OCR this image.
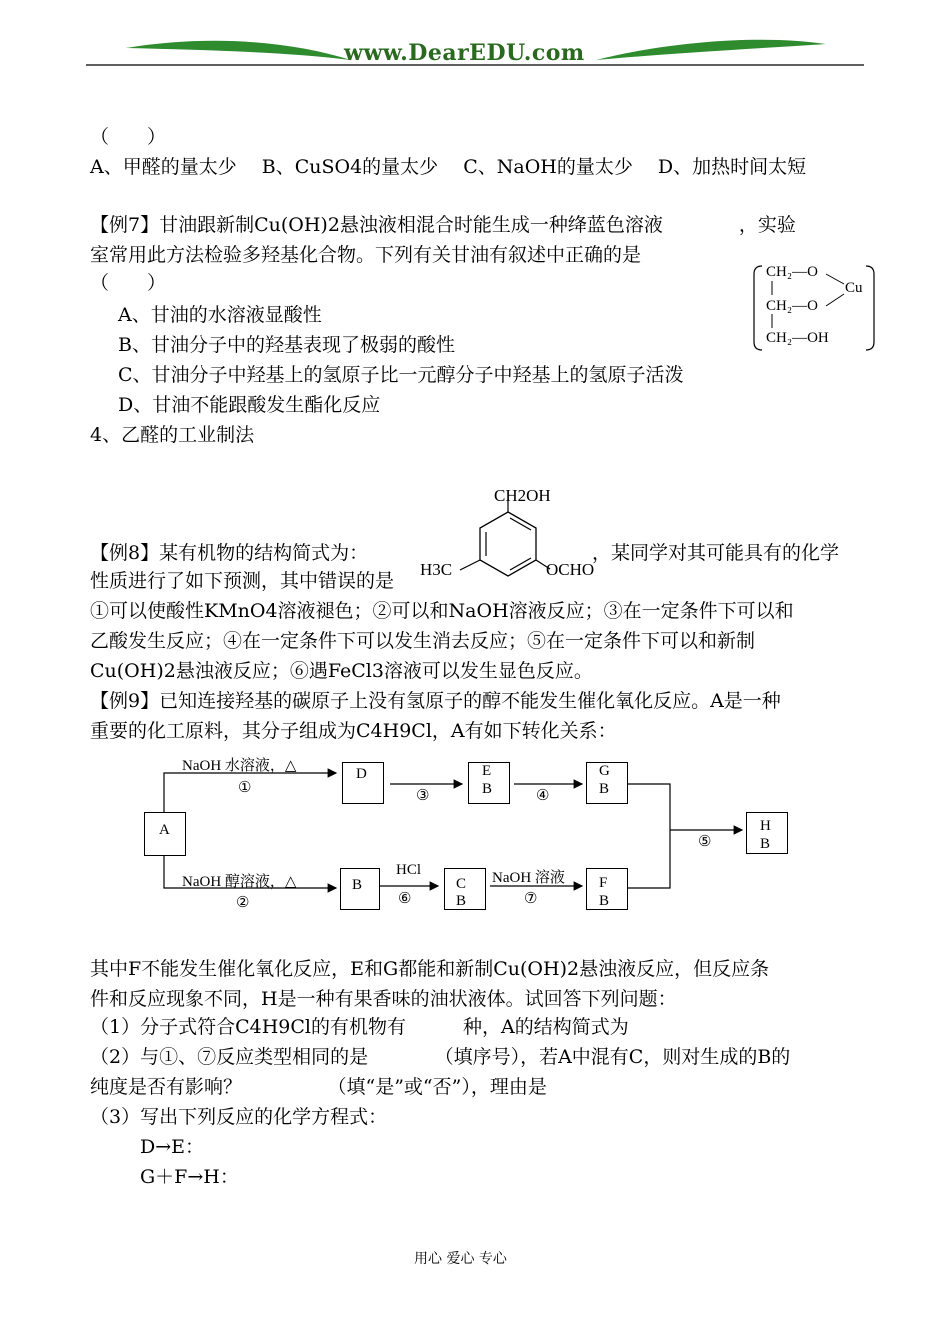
www.DearEDU.com
（　　）
A、甲醛的量太少　 B、CuSO4的量太少　 C、NaOH的量太少　 D、加热时间太短
【例7】甘油跟新制Cu(OH)2悬浊液相混合时能生成一种绛蓝色溶液　　　　，实验
室常用此方法检验多羟基化合物。下列有关甘油有叙述中正确的是
（　　）
A、甘油的水溶液显酸性
B、甘油分子中的羟基表现了极弱的酸性
C、甘油分子中羟基上的氢原子比一元醇分子中羟基上的氢原子活泼
D、甘油不能跟酸发生酯化反应
CH₂—O
CH₂—O
CH₂—OH
Cu
4、乙醛的工业制法
【例8】某有机物的结构简式为：	，某同学对其可能具有的化学
性质进行了如下预测，其中错误的是
①可以使酸性KMnO4溶液褪色；②可以和NaOH溶液反应；③在一定条件下可以和
乙酸发生反应；④在一定条件下可以发生消去反应；⑤在一定条件下可以和新制
Cu(OH)2悬浊液反应；⑥遇FeCl3溶液可以发生显色反应。
CH2OH
H3C	OCHO
【例9】已知连接羟基的碳原子上没有氢原子的醇不能发生催化氧化反应。A是一种
重要的化工原料，其分子组成为C4H9Cl，A有如下转化关系：
A
D	E
B
G
B
B	C
B
F
B
H
B
NaOH 水溶液，△
①
NaOH 醇溶液，△
②
③	④
⑤
HCl
⑥
NaOH 溶液
⑦
其中F不能发生催化氧化反应，E和G都能和新制Cu(OH)2悬浊液反应，但反应条
件和反应现象不同，H是一种有果香味的油状液体。试回答下列问题：
（1）分子式符合C4H9Cl的有机物有　　　种，A的结构简式为
（2）与①、⑦反应类型相同的是　　　　（填序号），若A中混有C，则对生成的B的
纯度是否有影响？　　　　　（填“是”或“否”），理由是
（3）写出下列反应的化学方程式：
D→E：
G＋F→H：
用心 爱心 专心
